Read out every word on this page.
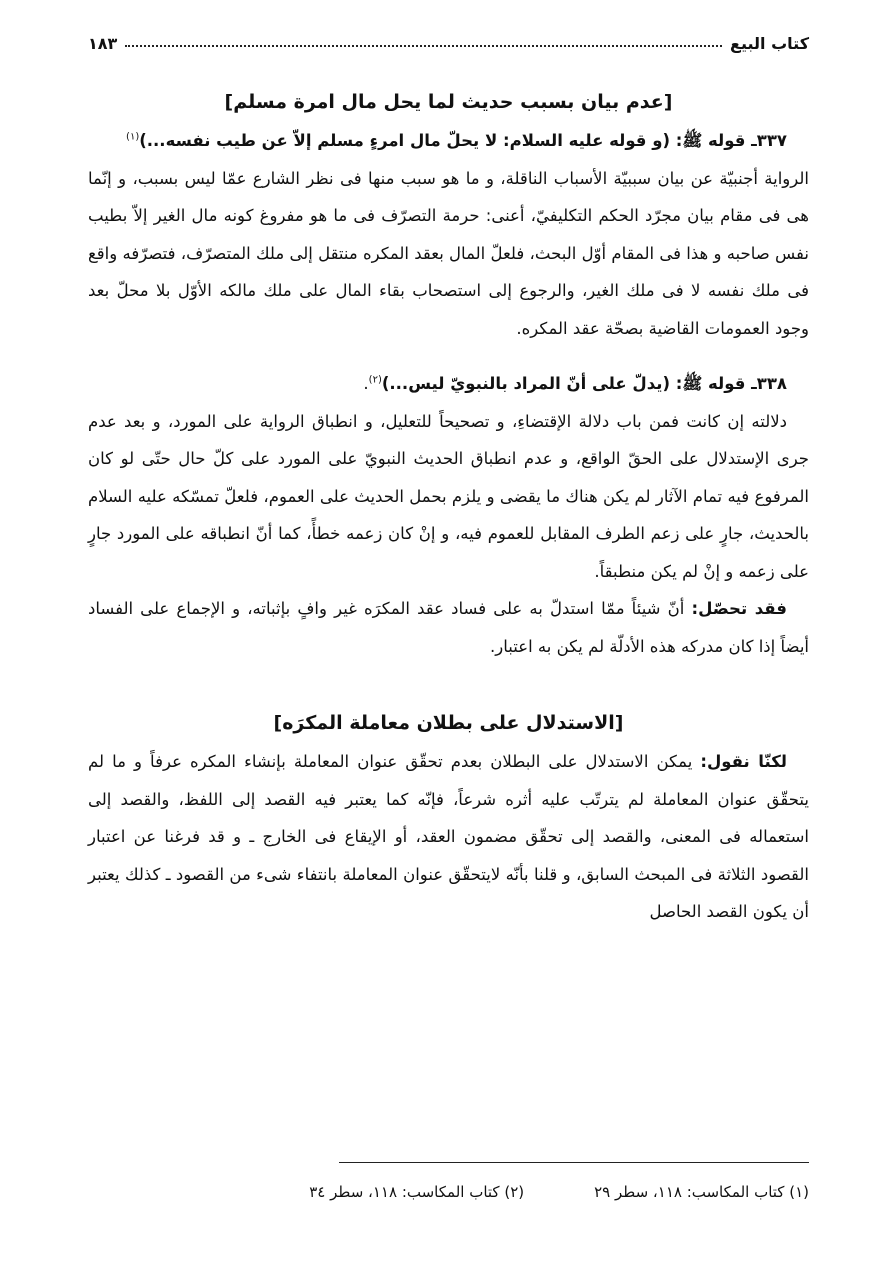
كتاب البيع
١٨٣
[عدم بيان بسبب حديث لما يحل مال امرة مسلم]

٣٣٧ـ قوله ﷺ: (و قوله عليه السلام: لا يحلّ مال امرءٍ مسلم إلاّ عن طيب نفسه...)$^{(١)}$

الرواية أجنبيّة عن بيان سببيّة الأسباب الناقلة، و ما هو سبب منها فى نظر الشارع عمّا ليس بسبب، و إنّما هى فى مقام بيان مجرّد الحكم التكليفيّ، أعنى: حرمة التصرّف فى ما هو مفروغ كونه مال الغير إلاّ بطيب نفس صاحبه و هذا فى المقام أوّل البحث، فلعلّ المال بعقد المكره منتقل إلى ملك المتصرّف، فتصرّفه واقع فى ملك نفسه لا فى ملك الغير، والرجوع إلى استصحاب بقاء المال على ملك مالكه الأوّل بلا محلّ بعد وجود العمومات القاضية بصحّة عقد المكره.

٣٣٨ـ قوله ﷺ: (يدلّ على أنّ المراد بالنبويّ ليس...)$^{(٢)}$.

دلالته إن كانت فمن باب دلالة الإقتضاءِ، و تصحيحاً للتعليل، و انطباق الرواية على المورد، و بعد عدم جرى الإستدلال على الحقّ الواقع، و عدم انطباق الحديث النبويّ على المورد على كلّ حال حتّى لو كان المرفوع فيه تمام الآثار لم يكن هناك ما يقضى و يلزم بحمل الحديث على العموم، فلعلّ تمسّكه عليه السلام بالحديث، جارٍ على زعم الطرف المقابل للعموم فيه، و إنْ كان زعمه خطأً، كما أنّ انطباقه على المورد جارٍ على زعمه و إنْ لم يكن منطبقاً.

فقد تحصّل: أنّ شيئاً ممّا استدلّ به على فساد عقد المكرَه غير وافٍ بإثباته، و الإجماع على الفساد أيضاً إذا كان مدركه هذه الأدلّة لم يكن به اعتبار.

[الاستدلال على بطلان معاملة المكرَه]

لكنّا نقول: يمكن الاستدلال على البطلان بعدم تحقّق عنوان المعاملة بإنشاء المكره عرفاً و ما لم يتحقّق عنوان المعاملة لم يترتّب عليه أثره شرعاً، فإنّه كما يعتبر فيه القصد إلى اللفظ، والقصد إلى استعماله فى المعنى، والقصد إلى تحقّق مضمون العقد، أو الإيقاع فى الخارج ـ و قد فرغنا عن اعتبار القصود الثلاثة فى المبحث السابق، و قلنا بأنّه لايتحقّق عنوان المعاملة بانتفاء شىء من القصود ـ كذلك يعتبر أن يكون القصد الحاصل

(١) كتاب المكاسب: ١١٨، سطر ٢٩
(٢) كتاب المكاسب: ١١٨، سطر ٣٤
